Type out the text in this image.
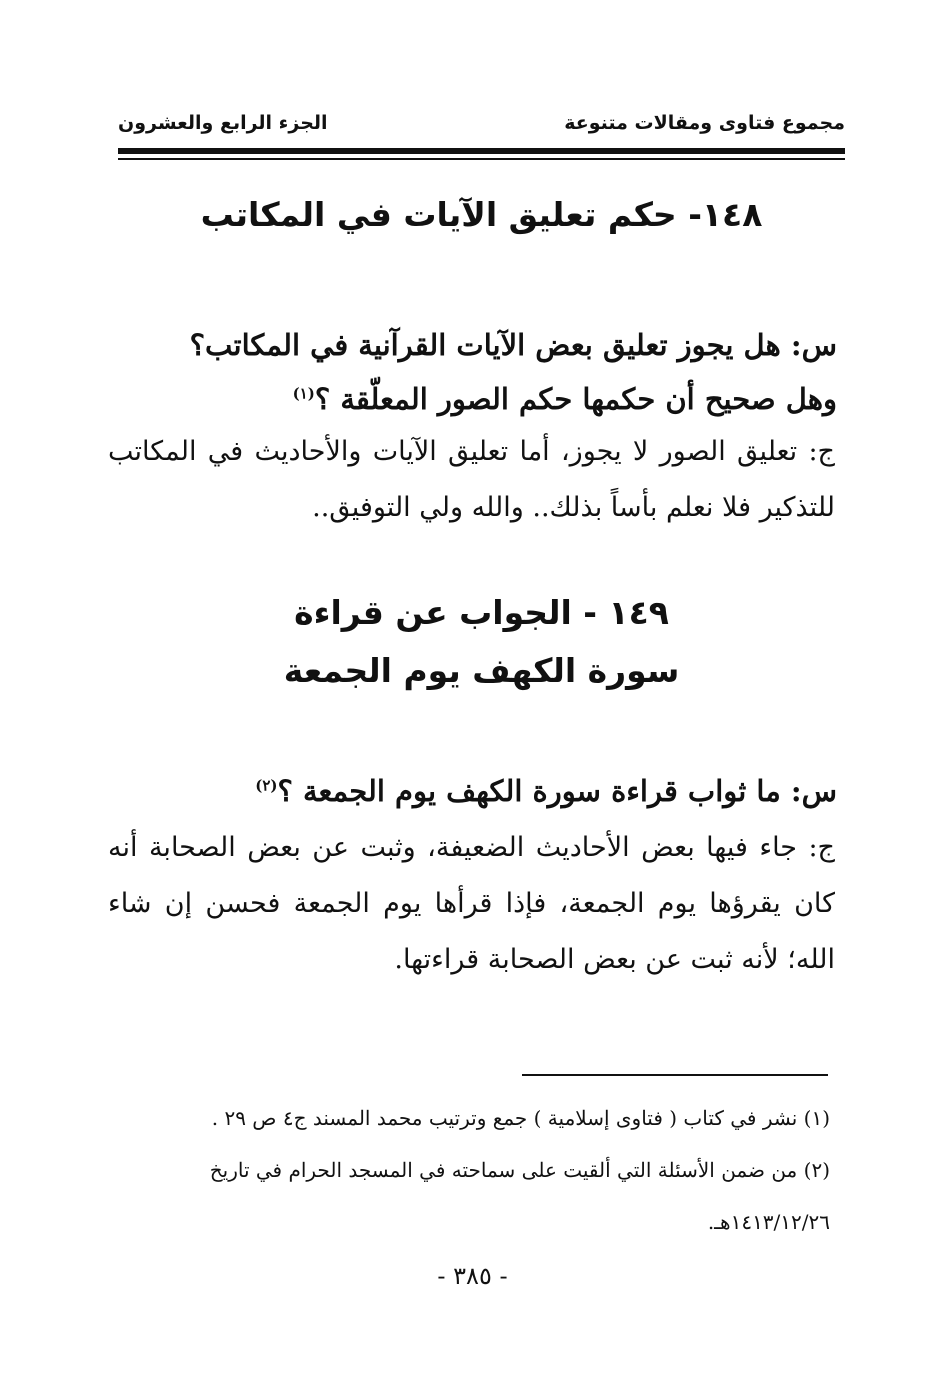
مجموع فتاوى ومقالات متنوعة
الجزء الرابع والعشرون
١٤٨- حكم تعليق الآيات في المكاتب
س: هل يجوز تعليق بعض الآيات القرآنية في المكاتب؟
وهل صحيح أن حكمها حكم الصور المعلّقة ؟$^{(١)}$
ج: تعليق الصور لا يجوز، أما تعليق الآيات والأحاديث في المكاتب للتذكير فلا نعلم بأساً بذلك.. والله ولي التوفيق..
١٤٩ - الجواب عن قراءة
سورة الكهف يوم الجمعة
س: ما ثواب قراءة سورة الكهف يوم الجمعة ؟$^{(٢)}$
ج: جاء فيها بعض الأحاديث الضعيفة، وثبت عن بعض الصحابة أنه كان يقرؤها يوم الجمعة، فإذا قرأها يوم الجمعة فحسن إن شاء الله؛ لأنه ثبت عن بعض الصحابة قراءتها.

(١) نشر في كتاب ( فتاوى إسلامية ) جمع وترتيب محمد المسند ج٤ ص ٢٩ .

(٢) من ضمن الأسئلة التي ألقيت على سماحته في المسجد الحرام في تاريخ ١٤١٣/١٢/٢٦هـ.

- ٣٨٥ -
